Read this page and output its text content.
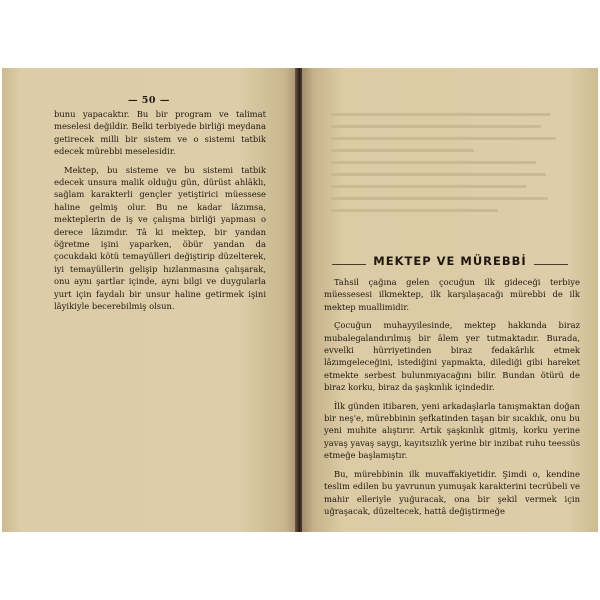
— 50 —

bunu yapacaktır. Bu bir program ve talimat meselesi değildir. Belki terbiyede birliği meydana getirecek milli bir sistem ve o sistemi tatbik edecek mürebbi meselesidir.

Mektep, bu sisteme ve bu sistemi tatbik edecek unsura malik olduğu gün, dürüst ahlâklı, sağlam karakterli gençler yetiştirici müessese haline gelmiş olur. Bu ne kadar lâzımsa, mekteplerin de iş ve çalışma birliği yapması o derece lâzımdır. Tâ ki mektep, bir yandan öğretme işini yaparken, öbür yandan da çocukdaki kötü temayülleri değiştirip düzelterek, iyi temayüllerin gelişip hızlanmasına çalışarak, onu aynı şartlar içinde, aynı bilgi ve duygularla yurt için faydalı bir unsur haline getirmek işini lâyikiyle becerebilmiş olsun.

MEKTEP VE MÜREBBİ

Tahsil çağına gelen çocuğun ilk gideceği terbiye müessesesi ilkmektep, ilk karşılaşacağı mürebbi de ilk mektep muallimidir.

Çocuğun muhayyilesinde, mektep hakkında biraz mubalegalandırılmış bir âlem yer tutmaktadır. Burada, evvelki hürriyetinden biraz fedakârlık etmek lâzımgeleceğini, istediğini yapmakta, dilediği gibi hareket etmekte serbest bulunmıyacağını bilir. Bundan ötürü de biraz korku, biraz da şaşkınlık içindedir.

İlk günden itibaren, yeni arkadaşlarla tanışmaktan doğan bir neş'e, mürebbinin şefkatinden taşan bir sıcaklık, onu bu yeni muhite alıştırır. Artık şaşkınlık gitmiş, korku yerine yavaş yavaş saygı, kayıtsızlık yerine bir inzibat ruhu teessüs etmeğe başlamıştır.

Bu, mürebbinin ilk muvaffakiyetidir. Şimdi o, kendine teslim edilen bu yavrunun yumuşak karakterini tecrübeli ve mahir elleriyle yuğuracak, ona bir şekil vermek için uğraşacak, düzeltecek, hattâ değiştirmeğe
